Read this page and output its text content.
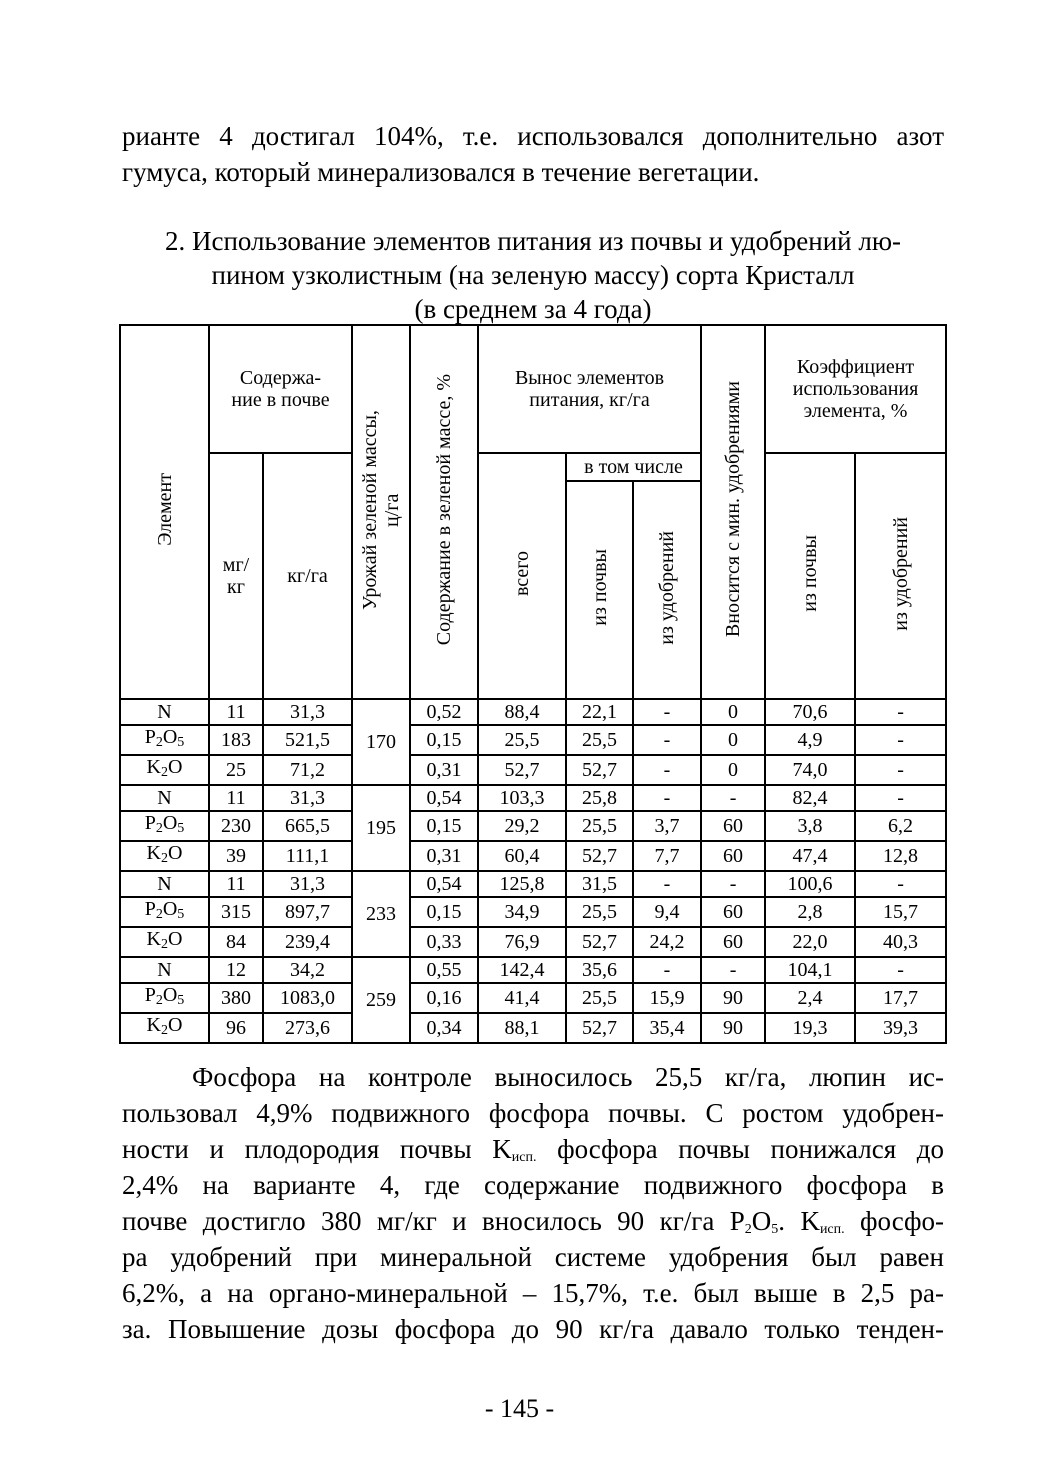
рианте 4 достигал 104%, т.е. использовался дополнительно азот
гумуса, который минерализовался в течение вегетации.

2. Использование элементов питания из почвы и удобрений лю-
пином узколистным (на зеленую массу) сорта Кристалл
(в среднем за 4 года)
Элемент	Содержа-ние в почве		Урожай зеленой массы, ц/га	Содержание в зеленой массе, %	Вынос элементов питания, кг/га			Вносится с мин. удобрениями	Коэффициент использования элемента, %	
	мг/кг	кг/га			всего	в том числе			из почвы	из удобрений
						из почвы	из удобрений			
N	11	31,3	170	0,52	88,4	22,1	-	0	70,6	-
$P_2O_5$	183	521,5		0,15	25,5	25,5	-	0	4,9	-
$K_2O$	25	71,2		0,31	52,7	52,7	-	0	74,0	-
N	11	31,3	195	0,54	103,3	25,8	-	-	82,4	-
$P_2O_5$	230	665,5		0,15	29,2	25,5	3,7	60	3,8	6,2
$K_2O$	39	111,1		0,31	60,4	52,7	7,7	60	47,4	12,8
N	11	31,3	233	0,54	125,8	31,5	-	-	100,6	-
$P_2O_5$	315	897,7		0,15	34,9	25,5	9,4	60	2,8	15,7
$K_2O$	84	239,4		0,33	76,9	52,7	24,2	60	22,0	40,3
N	12	34,2	259	0,55	142,4	35,6	-	-	104,1	-
$P_2O_5$	380	1083,0		0,16	41,4	25,5	15,9	90	2,4	17,7
$K_2O$	96	273,6		0,34	88,1	52,7	35,4	90	19,3	39,3
Фосфора на контроле выносилось 25,5 кг/га, люпин ис-
пользовал 4,9% подвижного фосфора почвы. С ростом удобрен-
ности и плодородия почвы $K_{исп.}$ фосфора почвы понижался до
2,4% на варианте 4, где содержание подвижного фосфора в
почве достигло 380 мг/кг и вносилось 90 кг/га $P_2O_5$. $K_{исп.}$ фосфо-
ра удобрений при минеральной системе удобрения был равен
6,2%, а на органо-минеральной – 15,7%, т.е. был выше в 2,5 ра-
за. Повышение дозы фосфора до 90 кг/га давало только тенден-
- 145 -
